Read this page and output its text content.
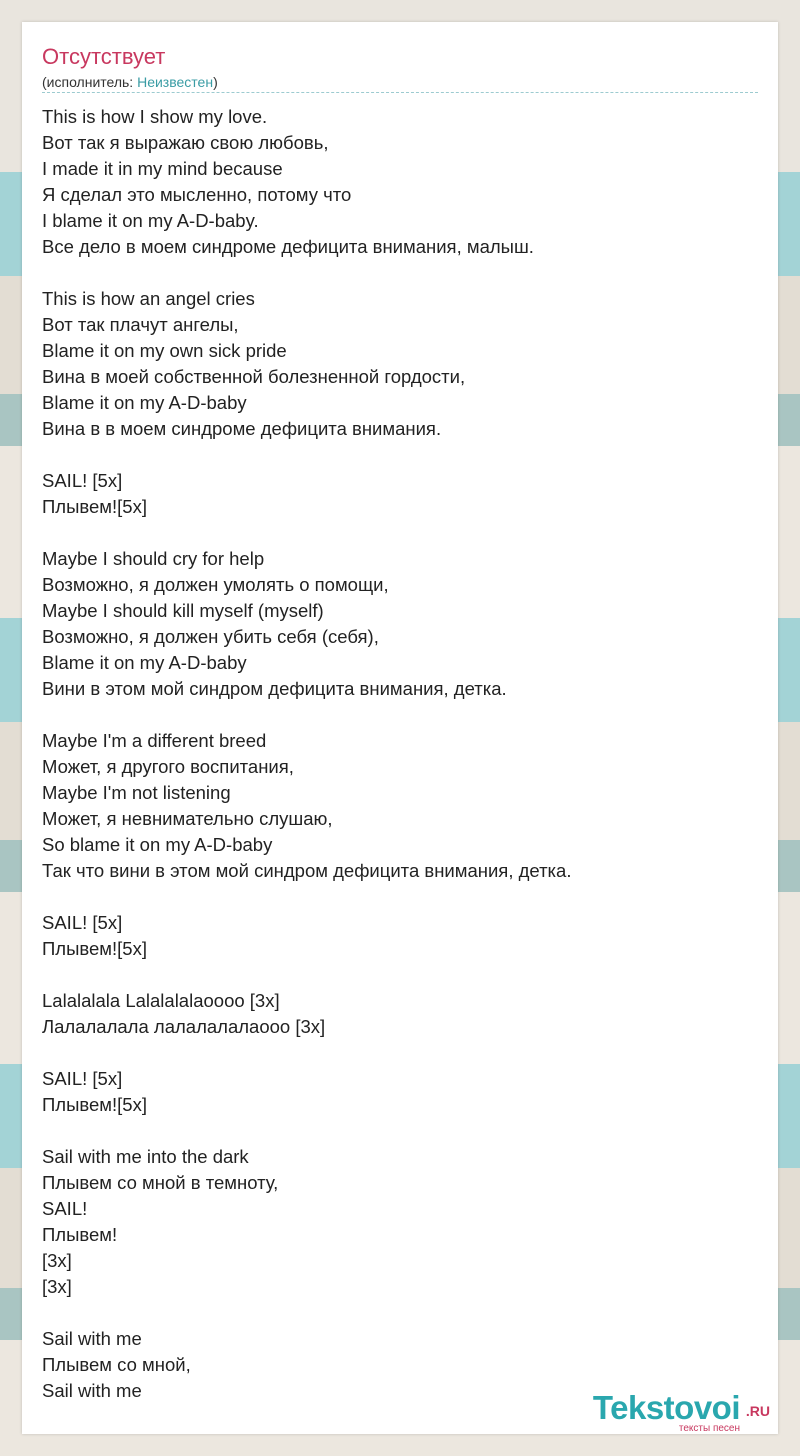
Отсутствует
(исполнитель: Неизвестен)
This is how I show my love.
Вот так я выражаю свою любовь,
I made it in my mind because
Я сделал это мысленно, потому что
I blame it on my A-D-baby.
Все дело в моем синдроме дефицита внимания, малыш.
This is how an angel cries
Вот так плачут ангелы,
Blame it on my own sick pride
Вина в моей собственной болезненной гордости,
Blame it on my A-D-baby
Вина в в моем синдроме дефицита внимания.
SAIL! [5x]
Плывем![5x]
Maybe I should cry for help
Возможно, я должен умолять о помощи,
Maybe I should kill myself (myself)
Возможно, я должен убить себя (себя),
Blame it on my A-D-baby
Вини в этом мой синдром дефицита внимания, детка.
Maybe I'm a different breed
Может, я другого воспитания,
Maybe I'm not listening
Может, я невнимательно слушаю,
So blame it on my A-D-baby
Так что вини в этом мой синдром дефицита внимания, детка.
SAIL! [5x]
Плывем![5x]
Lalalalala Lalalalalaoooo [3x]
Лалалалала лалалалалаооо [3x]
SAIL! [5x]
Плывем![5x]
Sail with me into the dark
Плывем со мной в темноту,
SAIL!
Плывем!
[3x]
[3x]
Sail with me
Плывем со мной,
Sail with me	Tekstovoi .RU
тексты песен
